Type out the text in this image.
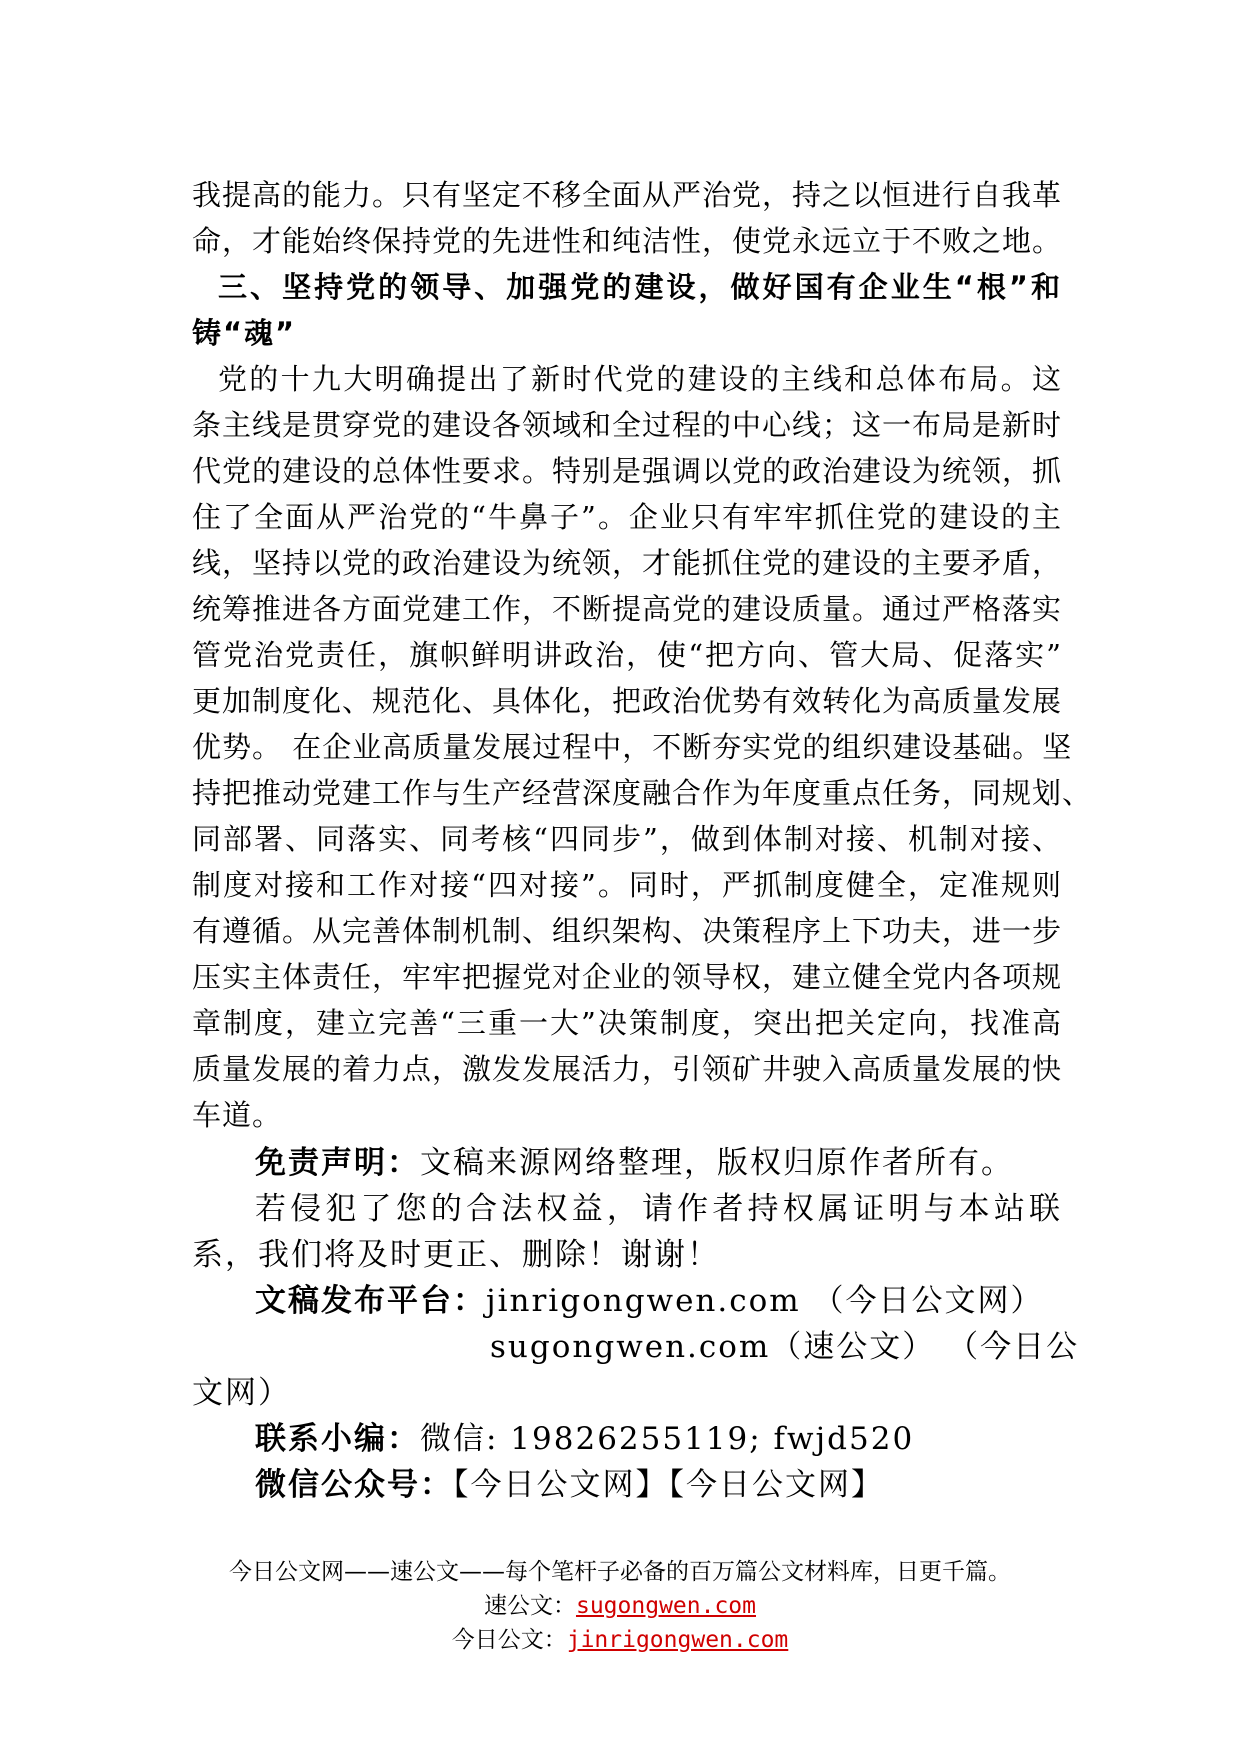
我提高的能力。只有坚定不移全面从严治党，持之以恒进行自我革
命，才能始终保持党的先进性和纯洁性，使党永远立于不败之地。
三、坚持党的领导、加强党的建设，做好国有企业生“根”和
铸“魂”
党的十九大明确提出了新时代党的建设的主线和总体布局。这
条主线是贯穿党的建设各领域和全过程的中心线；这一布局是新时
代党的建设的总体性要求。特别是强调以党的政治建设为统领，抓
住了全面从严治党的“牛鼻子”。企业只有牢牢抓住党的建设的主
线，坚持以党的政治建设为统领，才能抓住党的建设的主要矛盾，
统筹推进各方面党建工作，不断提高党的建设质量。通过严格落实
管党治党责任，旗帜鲜明讲政治，使“把方向、管大局、促落实”
更加制度化、规范化、具体化，把政治优势有效转化为高质量发展
优势。 在企业高质量发展过程中，不断夯实党的组织建设基础。坚
持把推动党建工作与生产经营深度融合作为年度重点任务，同规划、
同部署、同落实、同考核“四同步”，做到体制对接、机制对接、
制度对接和工作对接“四对接”。同时，严抓制度健全，定准规则
有遵循。从完善体制机制、组织架构、决策程序上下功夫，进一步
压实主体责任，牢牢把握党对企业的领导权，建立健全党内各项规
章制度，建立完善“三重一大”决策制度，突出把关定向，找准高
质量发展的着力点，激发发展活力，引领矿井驶入高质量发展的快
车道。
免责声明：文稿来源网络整理，版权归原作者所有。
若侵犯了您的合法权益，请作者持权属证明与本站联
系，我们将及时更正、删除！谢谢！
文稿发布平台：jinrigongwen.com （今日公文网）
sugongwen.com（速公文） （今日公
文网）
联系小编：微信: 19826255119; fwjd520
微信公众号：【今日公文网】【今日公文网】
今日公文网——速公文——每个笔杆子必备的百万篇公文材料库，日更千篇。
速公文：sugongwen.com
今日公文：jinrigongwen.com
